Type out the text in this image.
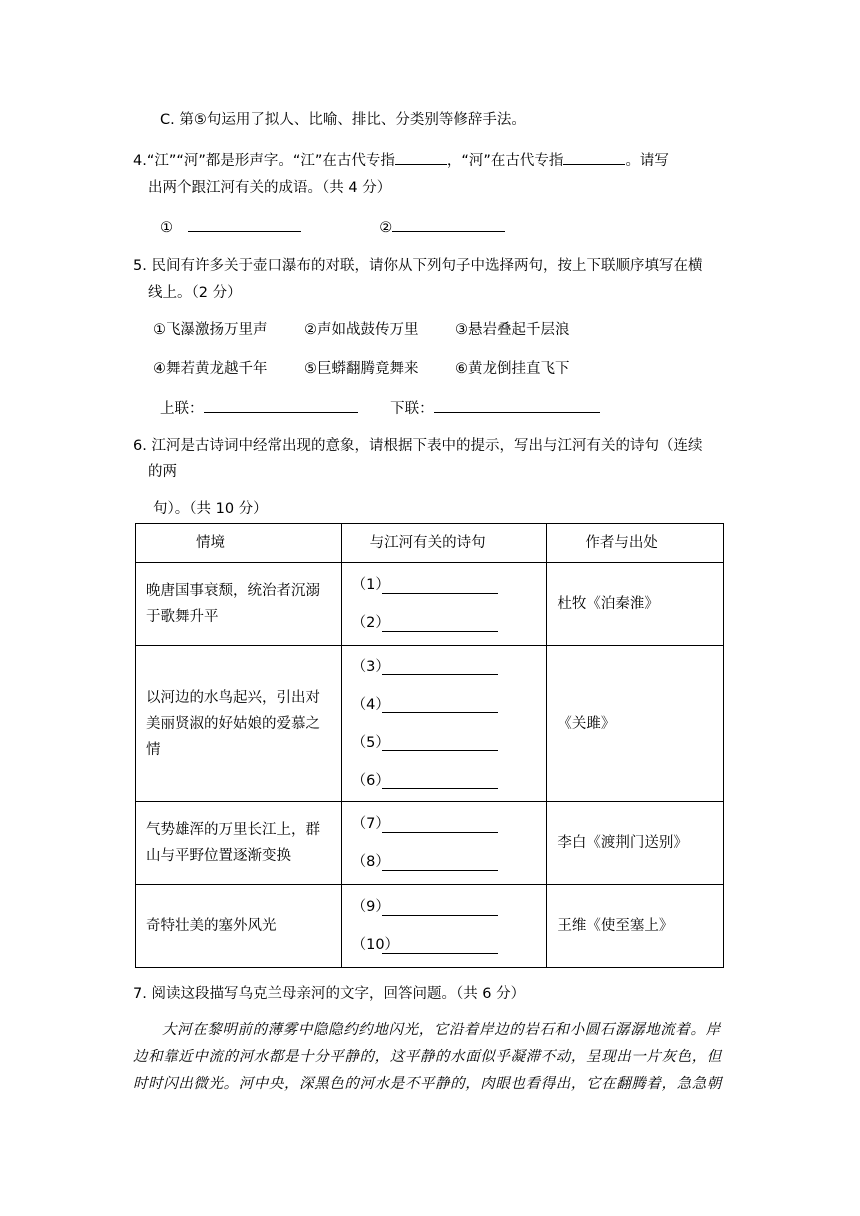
C. 第⑤句运用了拟人、比喻、排比、分类别等修辞手法。
4.“江”“河”都是形声字。“江”在古代专指	，“河”在古代专指	。请写
出两个跟江河有关的成语。（共 4 分）
①	②
5. 民间有许多关于壶口瀑布的对联，请你从下列句子中选择两句，按上下联顺序填写在横
线上。（2 分）
①飞瀑激扬万里声	②声如战鼓传万里	③悬岩叠起千层浪
④舞若黄龙越千年	⑤巨蟒翻腾竟舞来	⑥黄龙倒挂直飞下
上联：	下联：
6. 江河是古诗词中经常出现的意象，请根据下表中的提示，写出与江河有关的诗句（连续
的两
句）。（共 10 分）
情境	与江河有关的诗句	作者与出处
晚唐国事衰颓，统治者沉溺于歌舞升平	（1）
（2）	杜牧《泊秦淮》
以河边的水鸟起兴，引出对美丽贤淑的好姑娘的爱慕之情	（3）
（4）
（5）
（6）	《关雎》
气势雄浑的万里长江上，群山与平野位置逐渐变换	（7）
（8）	李白《渡荆门送别》
奇特壮美的塞外风光	（9）
（10）	王维《使至塞上》
7. 阅读这段描写乌克兰母亲河的文字，回答问题。（共 6 分）
大河在黎明前的薄雾中隐隐约约地闪光，它沿着岸边的岩石和小圆石潺潺地流着。岸边和靠近中流的河水都是十分平静的，这平静的水面似乎凝滞不动，呈现出一片灰色，但时时闪出微光。河中央，深黑色的河水是不平静的，肉眼也看得出，它在翻腾着，急急朝
